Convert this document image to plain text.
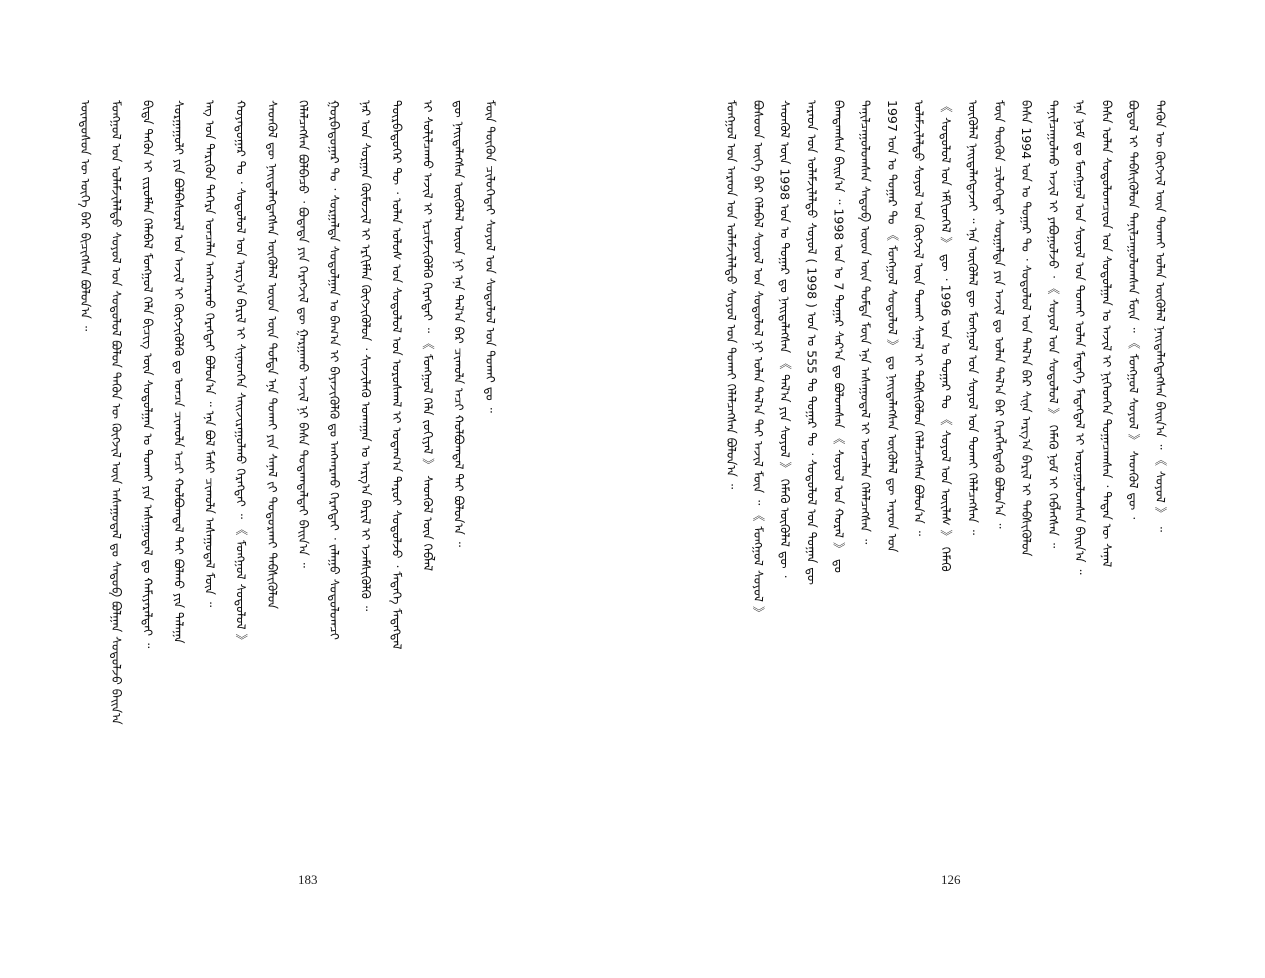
ᠦᠨᠳᠦᠰᠦᠨ ᠦ ᠦᠭᠡ ᠪᠠᠷ ᠪᠢᠴᠢᠭᠰᠡᠨ ᠪᠣᠯᠤᠨ᠎ᠠ ᠃ ᠮᠣᠩᠭᠣᠯ ᠤᠨ ᠤᠯᠠᠮᠵᠢᠯᠠᠯᠲᠣ ᠰᠣᠶᠣᠯ ᠤᠨ ᠰᠤᠳᠤᠯᠤᠯ ᠪᠣᠯᠤᠨ ᠲᠡᠭᠦᠨ ᠦ ᠬᠥᠭᠵᠢᠯ ᠦᠨ ᠠᠰᠠᠭᠤᠳᠠᠯ ᠳᠤ ᠰᠡᠳᠦᠪ ᠪᠣᠯᠭᠠᠨ ᠰᠤᠳᠤᠯᠵᠤ ᠪᠠᠢ᠌ᠨ᠎ᠠ ᠪᠢᠳᠡ ᠲᠡᠭᠦᠨ ᠢ ᠵᠢᠷᠤᠮᠯᠠᠨ ᠬᠡᠯᠡᠪᠡᠯ ᠮᠣᠩᠭᠣᠯ ᠬᠡᠯᠡ ᠪᠢᠴᠢᠭ ᠦᠨ ᠰᠤᠳᠤᠯᠭᠠᠨ ᠤ ᠲᠤᠬᠠᠢ ᠶᠢᠨ ᠠᠰᠠᠭᠤᠳᠠᠯ ᠳᠤ ᠬᠠᠮᠢᠶᠠᠷᠠᠯᠲᠠᠢ ᠃ ᠰᠤᠷᠭᠠᠭᠤᠯᠢ ᠶᠢᠨ ᠪᠣᠯᠪᠠᠰᠤᠷᠠᠯ ᠤᠨ ᠠᠵᠢᠯ ᠢ ᠬᠥᠭᠵᠢᠭᠦᠯᠬᠦ ᠳᠤ ᠣᠨᠴᠠ ᠴᠢᠬᠤᠯᠠ ᠠᠴᠢ ᠬᠣᠯᠪᠣᠭᠳᠠᠯ ᠲᠠᠢ ᠪᠣᠯᠬᠤ ᠶᠢᠨ ᠳᠠᠯᠠᠭᠠ ᠡᠩ ᠤᠨ ᠲᠡᠷᠢᠭᠦᠨ ᠳᠡᠭᠡᠷᠡ ᠣᠨᠴᠠᠯᠠᠨ ᠠᠩᠬᠠᠷᠬᠤ ᠬᠡᠷᠡᠭᠲᠡᠢ ᠪᠣᠯᠤᠨ᠎ᠠ ᠃ ᠡᠨᠡ ᠪᠣᠯ ᠮᠠᠰᠢ ᠴᠢᠬᠤᠯᠠ ᠠᠰᠠᠭᠤᠳᠠᠯ ᠮᠥᠨ ᠃ ᠬᠣᠶᠠᠳᠤᠭᠠᠷ ᠲᠤ ᠂ ᠰᠤᠳᠤᠯᠤᠯ ᠤᠨ ᠠᠷᠭ᠎ᠠ ᠪᠠᠷᠢᠯ ᠢ ᠰᠢᠨᠡᠳᠬᠡᠨ ᠰᠠᠢᠵᠢᠷᠠᠭᠤᠯᠬᠤ ᠬᠡᠷᠡᠭᠲᠡᠢ ᠃ 《 ᠮᠣᠩᠭᠣᠯ ᠰᠤᠳᠤᠯᠤᠯ 》 ᠰᠡᠳᠬᠦᠯ ᠳᠦ ᠨᠡᠢ᠌ᠲᠡᠯᠡᠭᠳᠡᠭᠰᠡᠨ ᠥᠭᠦᠯᠡᠯ ᠦᠳ ᠦᠨ ᠳᠤᠮᠳᠠ ᠡᠨᠡ ᠲᠤᠬᠠᠢ ᠶᠢᠨ ᠰᠠᠨᠠᠯ ᠵᠢ ᠲᠣᠳᠣᠷᠬᠠᠢ ᠳᠡᠪᠰᠢᠭᠦᠯᠦᠨ ᠬᠡᠯᠡᠯᠴᠡᠭᠰᠡᠨ ᠪᠣᠯᠪᠠᠴᠤ ᠂ ᠪᠣᠳᠠᠳᠠ ᠶᠢᠨ ᠬᠡᠷᠡᠭᠵᠢᠯ ᠳᠦ ᠭᠠᠷᠭᠠᠬᠤ ᠠᠵᠢᠯ ᠨᠢ ᠪᠠᠰᠠ ᠳᠤᠲᠠᠭᠳᠠᠯᠲᠠᠢ ᠪᠠᠢ᠌ᠨ᠎ᠠ ᠃ ᠭᠤᠷᠪᠠᠳᠤᠭᠠᠷ ᠲᠤ ᠂ ᠰᠤᠷᠭᠠᠯᠲᠠ ᠰᠤᠳᠤᠯᠭᠠᠨ ᠤ ᠪᠠᠭ᠎ᠠ ᠢ ᠪᠡᠶᠡᠵᠢᠭᠦᠯᠬᠦ ᠳᠤ ᠠᠩᠬᠠᠷᠬᠤ ᠬᠡᠷᠡᠭᠲᠡᠢ ᠂ ᠵᠠᠯᠠᠭᠤ ᠰᠤᠳᠤᠯᠤᠭᠴᠢ ᠨᠠᠷ ᠤᠨ ᠰᠤᠷᠭᠠᠨ ᠬᠦᠮᠦᠵᠢᠯ ᠢ ᠡᠷᠬᠢᠮᠯᠡᠨ ᠬᠥᠭᠵᠢᠭᠦᠯᠦᠨ ᠂ ᠰᠢᠨᠵᠢᠯᠡᠬᠦ ᠤᠬᠠᠭᠠᠨ ᠤ ᠠᠷᠭ᠎ᠠ ᠪᠠᠷᠢᠯ ᠢ ᠡᠵᠡᠮᠰᠢᠭᠦᠯᠬᠦ ᠃ ᠳᠥᠷᠪᠡᠳᠦᠭᠡᠷ ᠲᠦ ᠂ ᠣᠯᠠᠨ ᠤᠯᠤᠰ ᠤᠨ ᠰᠤᠳᠤᠯᠤᠯ ᠤᠨ ᠤᠷᠤᠰᠬᠠᠯ ᠢ ᠤᠳᠠᠭ᠎ᠠ ᠳᠠᠷᠤᠢ ᠰᠤᠳᠤᠯᠵᠤ ᠂ ᠮᠡᠳᠡᠭᠡ ᠮᠡᠳᠡᠭᠳᠡᠯ ᠢ ᠰᠣᠯᠢᠯᠴᠠᠬᠤ ᠠᠵᠢᠯ ᠢ ᠡᠷᠴᠢᠮᠵᠢᠭᠦᠯᠬᠦ ᠬᠡᠷᠡᠭᠲᠡᠢ ᠃ 《 ᠮᠣᠩᠭᠣᠯ ᠬᠡᠯᠡ ᠵᠣᠬᠢᠶᠠᠯ 》 ᠰᠡᠳᠬᠦᠯ ᠦᠨ ᠬᠡᠪᠯᠡᠯ ᠳᠦ ᠨᠡᠢ᠌ᠲᠡᠯᠡᠭᠰᠡᠨ ᠥᠭᠦᠯᠡᠯ ᠦᠳ ᠨᠢ ᠡᠨᠡ ᠲᠠᠯ᠎ᠠ ᠪᠠᠷ ᠴᠢᠬᠤᠯᠠ ᠠᠴᠢ ᠬᠣᠯᠪᠣᠭᠳᠠᠯ ᠲᠠᠢ ᠪᠣᠯᠤᠨ᠎ᠠ ᠃ ᠮᠥᠨ ᠲᠦᠭᠦᠨ ᠴᠢᠯᠦᠭᠡᠲᠡᠢ ᠰᠣᠶᠣᠯ ᠤᠨ ᠰᠤᠳᠤᠯᠤᠯ ᠤᠨ ᠲᠤᠬᠠᠢ ᠳᠤ ᠃
183
ᠮᠣᠩᠭᠣᠯ ᠤᠨ ᠠᠷᠠᠳ ᠤᠨ ᠤᠯᠠᠮᠵᠢᠯᠠᠯᠲᠣ ᠰᠣᠶᠣᠯ ᠤᠨ ᠲᠤᠬᠠᠢ ᠬᠡᠯᠡᠯᠴᠡᠭᠰᠡᠨ ᠪᠣᠯᠤᠨ᠎ᠠ ᠃ ᠪᠤᠰᠤᠳ ᠦᠭᠡ ᠪᠡᠷ ᠬᠡᠯᠡᠪᠡᠯ ᠰᠣᠶᠣᠯ ᠤᠨ ᠰᠤᠳᠤᠯᠤᠯ ᠨᠢ ᠣᠯᠠᠨ ᠲᠠᠯ᠎ᠠ ᠲᠠᠢ ᠠᠵᠢᠯ ᠮᠥᠨ ᠃ 《 ᠮᠣᠩᠭᠣᠯ ᠰᠣᠶᠣᠯ 》 ᠰᠡᠳᠬᠦᠯ ᠦᠨ 1998 ᠣᠨ ᠤ ᠳᠤᠭᠠᠷ ᠳᠤ ᠨᠡᠢ᠌ᠲᠡᠯᠡᠭᠰᠡᠨ 《 ᠲᠠᠯ᠎ᠠ ᠶᠢᠨ ᠰᠣᠶᠣᠯ 》 ᠬᠡᠮᠡᠬᠦ ᠥᠭᠦᠯᠡᠯ ᠳᠦ ᠂ ᠠᠷᠠᠳ ᠤᠨ ᠤᠯᠠᠮᠵᠢᠯᠠᠯᠲᠣ ᠰᠣᠶᠣᠯ ( 1998 ) ᠣᠨ ᠤ 555 ᠲᠤ ᠳᠤᠭᠠᠷ ᠲᠤ ᠂ ᠰᠤᠳᠤᠯᠤᠯ ᠤᠨ ᠲᠣᠭᠠᠨ ᠳᠦ ᠪᠠᠭᠲᠠᠭᠰᠠᠨ ᠪᠠᠢ᠌ᠨ᠎ᠠ ᠃ 1998 ᠣᠨ ᠤ 7 ᠳᠤᠭᠠᠷ ᠰᠠᠷ᠎ᠠ ᠳᠤ ᠪᠣᠯᠤᠭᠰᠠᠨ 《 ᠰᠣᠶᠣᠯ ᠤᠨ ᠬᠤᠷᠠᠯ 》 ᠳᠤ ᠲᠠᠨᠢᠯᠴᠠᠭᠤᠯᠤᠭᠰᠠᠨ ᠰᠡᠳᠦᠪ ᠦᠳ ᠦᠨ ᠳᠤᠮᠳᠠ ᠮᠥᠨ ᠡᠨᠡ ᠠᠰᠠᠭᠤᠳᠠᠯ ᠢ ᠣᠨᠴᠠᠯᠠᠨ ᠬᠡᠯᠡᠯᠴᠡᠭᠰᠡᠨ ᠃ 1997 ᠣᠨ ᠤ ᠳᠤᠭᠠᠷ ᠲᠤ 《 ᠮᠣᠩᠭᠣᠯ ᠰᠤᠳᠤᠯᠤᠯ 》 ᠳᠤ ᠨᠡᠢ᠌ᠲᠡᠯᠡᠭᠰᠡᠨ ᠥᠭᠦᠯᠡᠯ ᠳᠦ ᠠᠷᠠᠳ ᠤᠨ ᠤᠯᠠᠮᠵᠢᠯᠠᠯᠲᠣ ᠰᠣᠶᠣᠯ ᠤᠨ ᠬᠥᠭᠵᠢᠯ ᠦᠨ ᠲᠤᠬᠠᠢ ᠰᠠᠨᠠᠯ ᠢ ᠳᠡᠪᠰᠢᠭᠦᠯᠦᠨ ᠬᠡᠯᠡᠯᠴᠡᠭᠰᠡᠨ ᠪᠣᠯᠤᠨ᠎ᠠ ᠃ 《 ᠰᠤᠳᠤᠯᠤᠯ ᠤᠨ ᠡᠮᠬᠢᠳᠬᠡᠯ 》 ᠳᠦ ᠂ 1996 ᠣᠨ ᠤ ᠳᠤᠭᠠᠷ ᠲᠤ 《 ᠰᠣᠶᠣᠯ ᠤᠨ ᠦᠢᠯᠡᠰ 》 ᠬᠡᠮᠡᠬᠦ ᠥᠭᠦᠯᠡᠯ ᠨᠡᠢ᠌ᠲᠡᠯᠡᠭᠳᠡᠵᠡᠢ ᠃ ᠡᠨᠡ ᠥᠭᠦᠯᠡᠯ ᠳᠦ ᠮᠣᠩᠭᠣᠯ ᠤᠨ ᠰᠣᠶᠣᠯ ᠤᠨ ᠲᠤᠬᠠᠢ ᠬᠡᠯᠡᠯᠴᠡᠭᠰᠡᠨ ᠃ ᠮᠥᠨ ᠲᠦᠭᠦᠨ ᠴᠢᠯᠦᠭᠡᠲᠡᠢ ᠰᠤᠷᠭᠠᠯᠲᠠ ᠶᠢᠨ ᠠᠵᠢᠯ ᠳᠤ ᠣᠯᠠᠨ ᠲᠠᠯ᠎ᠠ ᠪᠠᠷ ᠬᠡᠷᠡᠭᠯᠡᠭᠳᠡᠬᠦ ᠪᠣᠯᠤᠨ᠎ᠠ ᠃ ᠪᠠᠰᠠ 1994 ᠣᠨ ᠤ ᠳᠤᠭᠠᠷ ᠲᠤ ᠂ ᠰᠤᠳᠤᠯᠤᠯ ᠤᠨ ᠲᠠᠯ᠎ᠠ ᠪᠠᠷ ᠰᠢᠨᠡ ᠠᠷᠭ᠎ᠠ ᠪᠠᠷᠢᠯ ᠢ ᠳᠡᠪᠰᠢᠭᠦᠯᠦᠨ ᠲᠠᠨᠢᠯᠴᠠᠭᠤᠯᠬᠤ ᠠᠵᠢᠯ ᠢ ᠶᠠᠪᠤᠭᠤᠯᠵᠤ ᠂ 《 ᠰᠣᠶᠣᠯ ᠤᠨ ᠰᠤᠳᠤᠯᠤᠯ 》 ᠬᠡᠮᠡᠬᠦ ᠨᠣᠮ ᠢ ᠬᠡᠪᠯᠡᠭᠰᠡᠨ ᠃ ᠡᠨᠡ ᠨᠣᠮ ᠳᠤ ᠮᠣᠩᠭᠣᠯ ᠤᠨ ᠰᠣᠶᠣᠯ ᠤᠨ ᠲᠤᠬᠠᠢ ᠣᠯᠠᠨ ᠮᠡᠳᠡᠭᠡ ᠮᠡᠳᠡᠭᠳᠡᠯ ᠢ ᠣᠷᠣᠭᠤᠯᠤᠭᠰᠠᠨ ᠪᠠᠢ᠌ᠨ᠎ᠠ ᠃ ᠪᠠᠰᠠ ᠣᠯᠠᠨ ᠰᠤᠳᠤᠯᠤᠭᠴᠢᠳ ᠤᠨ ᠰᠤᠳᠤᠯᠭᠠᠨ ᠤ ᠠᠵᠢᠯ ᠢ ᠨᠢᠭᠡᠳᠭᠡᠨ ᠲᠣᠭᠠᠴᠠᠭᠰᠠᠨ ᠂ ᠲᠡᠳᠡᠨ ᠦ ᠰᠠᠨᠠᠯ ᠪᠣᠳᠣᠯ ᠢ ᠳᠡᠪᠰᠢᠭᠦᠯᠦᠨ ᠲᠠᠨᠢᠯᠴᠠᠭᠤᠯᠤᠭᠰᠠᠨ ᠮᠥᠨ ᠃ 《 ᠮᠣᠩᠭᠣᠯ ᠰᠣᠶᠣᠯ 》 ᠰᠡᠳᠬᠦᠯ ᠳᠦ ᠂ ᠲᠡᠭᠦᠨ ᠦ ᠬᠥᠭᠵᠢᠯ ᠦᠨ ᠲᠤᠬᠠᠢ ᠣᠯᠠᠨ ᠥᠭᠦᠯᠡᠯ ᠨᠡᠢ᠌ᠲᠡᠯᠡᠭᠳᠡᠭᠰᠡᠨ ᠪᠠᠢ᠌ᠨ᠎ᠠ ᠃ 《 ᠰᠣᠶᠣᠯ 》 ᠃
126
